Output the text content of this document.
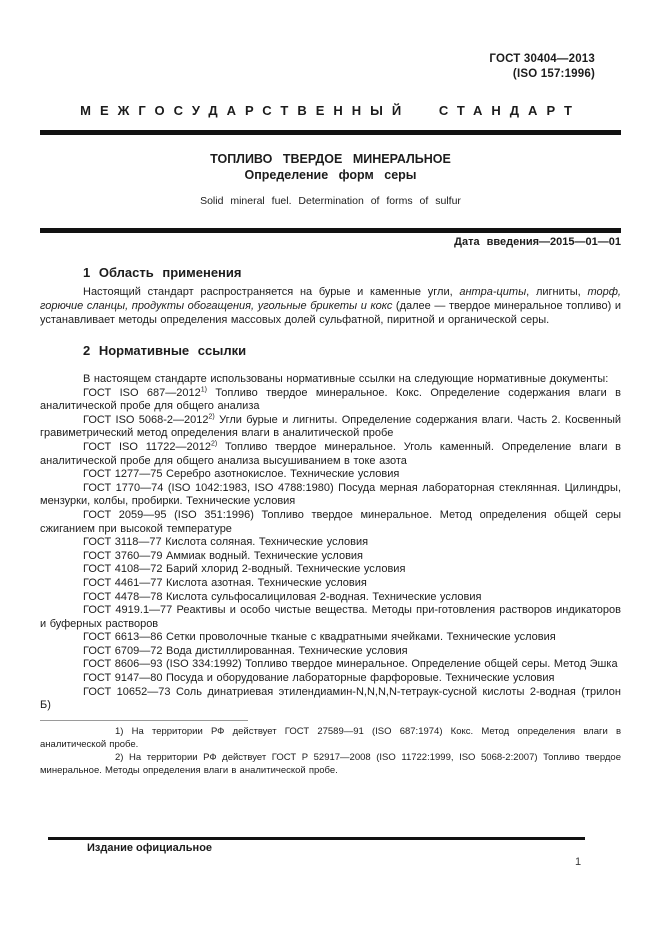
ГОСТ 30404—2013
(ISO 157:1996)
МЕЖГОСУДАРСТВЕННЫЙ СТАНДАРТ
ТОПЛИВО ТВЕРДОЕ МИНЕРАЛЬНОЕ
Определение форм серы
Solid mineral fuel. Determination of forms of sulfur
Дата введения—2015—01—01
1 Область применения

Настоящий стандарт распространяется на бурые и каменные угли, антра-циты, лигниты, торф, горючие сланцы, продукты обогащения, угольные брикеты и кокс (далее — твердое минеральное топливо) и устанавливает методы определения массовых долей сульфатной, пиритной и органической серы.

2 Нормативные ссылки

В настоящем стандарте использованы нормативные ссылки на следующие нормативные документы:

ГОСТ ISO 687—2012$^{1)}$ Топливо твердое минеральное. Кокс. Определение содержания влаги в аналитической пробе для общего анализа

ГОСТ ISO 5068-2—2012$^{2)}$ Угли бурые и лигниты. Определение содержания влаги. Часть 2. Косвенный гравиметрический метод определения влаги в аналитической пробе

ГОСТ ISO 11722—2012$^{2)}$ Топливо твердое минеральное. Уголь каменный. Определение влаги в аналитической пробе для общего анализа высушиванием в токе азота

ГОСТ 1277—75 Серебро азотнокислое. Технические условия

ГОСТ 1770—74 (ISO 1042:1983, ISO 4788:1980) Посуда мерная лабораторная стеклянная. Цилиндры, мензурки, колбы, пробирки. Технические условия

ГОСТ 2059—95 (ISO 351:1996) Топливо твердое минеральное. Метод определения общей серы сжиганием при высокой температуре

ГОСТ 3118—77 Кислота соляная. Технические условия

ГОСТ 3760—79 Аммиак водный. Технические условия

ГОСТ 4108—72 Барий хлорид 2-водный. Технические условия

ГОСТ 4461—77 Кислота азотная. Технические условия

ГОСТ 4478—78 Кислота сульфосалициловая 2-водная. Технические условия

ГОСТ 4919.1—77 Реактивы и особо чистые вещества. Методы при-готовления растворов индикаторов и буферных растворов

ГОСТ 6613—86 Сетки проволочные тканые с квадратными ячейками. Технические условия

ГОСТ 6709—72 Вода дистиллированная. Технические условия

ГОСТ 8606—93 (ISO 334:1992) Топливо твердое минеральное. Определение общей серы. Метод Эшка

ГОСТ 9147—80 Посуда и оборудование лабораторные фарфоровые. Технические условия

ГОСТ 10652—73 Соль динатриевая этилендиамин-N,N,N,N-тетраук-сусной кислоты 2-водная (трилон Б)

1) На территории РФ действует ГОСТ 27589—91 (ISO 687:1974) Кокс. Метод определения влаги в аналитической пробе.

2) На территории РФ действует ГОСТ Р 52917—2008 (ISO 11722:1999, ISO 5068-2:2007) Топливо твердое минеральное. Методы определения влаги в аналитической пробе.

Издание официальное
1
